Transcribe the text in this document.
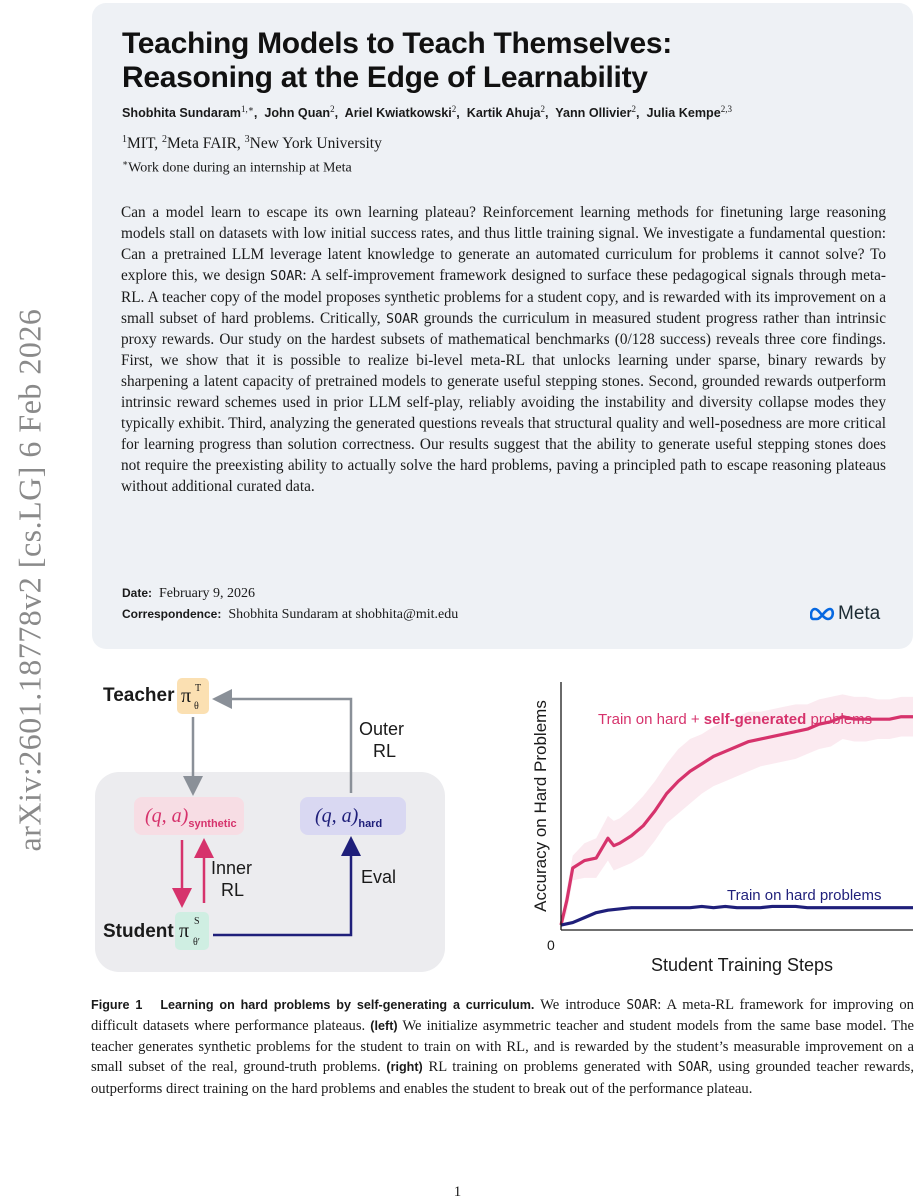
arXiv:2601.18778v2 [cs.LG] 6 Feb 2026
Teaching Models to Teach Themselves:
Reasoning at the Edge of Learnability
Shobhita Sundaram$^{1,∗}$,  John Quan$^2$,  Ariel Kwiatkowski$^2$,  Kartik Ahuja$^2$,  Yann Ollivier$^2$,  Julia Kempe$^{2,3}$
$^1$MIT, $^2$Meta FAIR, $^3$New York University
∗Work done during an internship at Meta

Can a model learn to escape its own learning plateau? Reinforcement learning methods for finetuning large reasoning models stall on datasets with low initial success rates, and thus little training signal. We investigate a fundamental question: Can a pretrained LLM leverage latent knowledge to generate an automated curriculum for problems it cannot solve? To explore this, we design SOAR: A self-improvement framework designed to surface these pedagogical signals through meta-RL. A teacher copy of the model proposes synthetic problems for a student copy, and is rewarded with its improvement on a small subset of hard problems. Critically, SOAR grounds the curriculum in measured student progress rather than intrinsic proxy rewards. Our study on the hardest subsets of mathematical benchmarks (0/128 success) reveals three core findings. First, we show that it is possible to realize bi-level meta-RL that unlocks learning under sparse, binary rewards by sharpening a latent capacity of pretrained models to generate useful stepping stones. Second, grounded rewards outperform intrinsic reward schemes used in prior LLM self-play, reliably avoiding the instability and diversity collapse modes they typically exhibit. Third, analyzing the generated questions reveals that structural quality and well-posedness are more critical for learning progress than solution correctness. Our results suggest that the ability to generate useful stepping stones does not require the preexisting ability to actually solve the hard problems, paving a principled path to escape reasoning plateaus without additional curated data.

Date: February 9, 2026
Correspondence: Shobhita Sundaram at shobhita@mit.edu	Meta
Teacher π T
θ
(q, $a)_{synthetic}$	(q, $a)_{hard}$
Student π S
θ′
Outer
RL
Inner
RL
Eval
0
Accuracy on Hard Problems
Student Training Steps
Train on hard + self-generated problems
Train on hard problems

Figure 1 Learning on hard problems by self-generating a curriculum. We introduce SOAR: A meta-RL framework for improving on difficult datasets where performance plateaus. (left) We initialize asymmetric teacher and student models from the same base model. The teacher generates synthetic problems for the student to train on with RL, and is rewarded by the student’s measurable improvement on a small subset of the real, ground-truth problems. (right) RL training on problems generated with SOAR, using grounded teacher rewards, outperforms direct training on the hard problems and enables the student to break out of the performance plateau.

1
